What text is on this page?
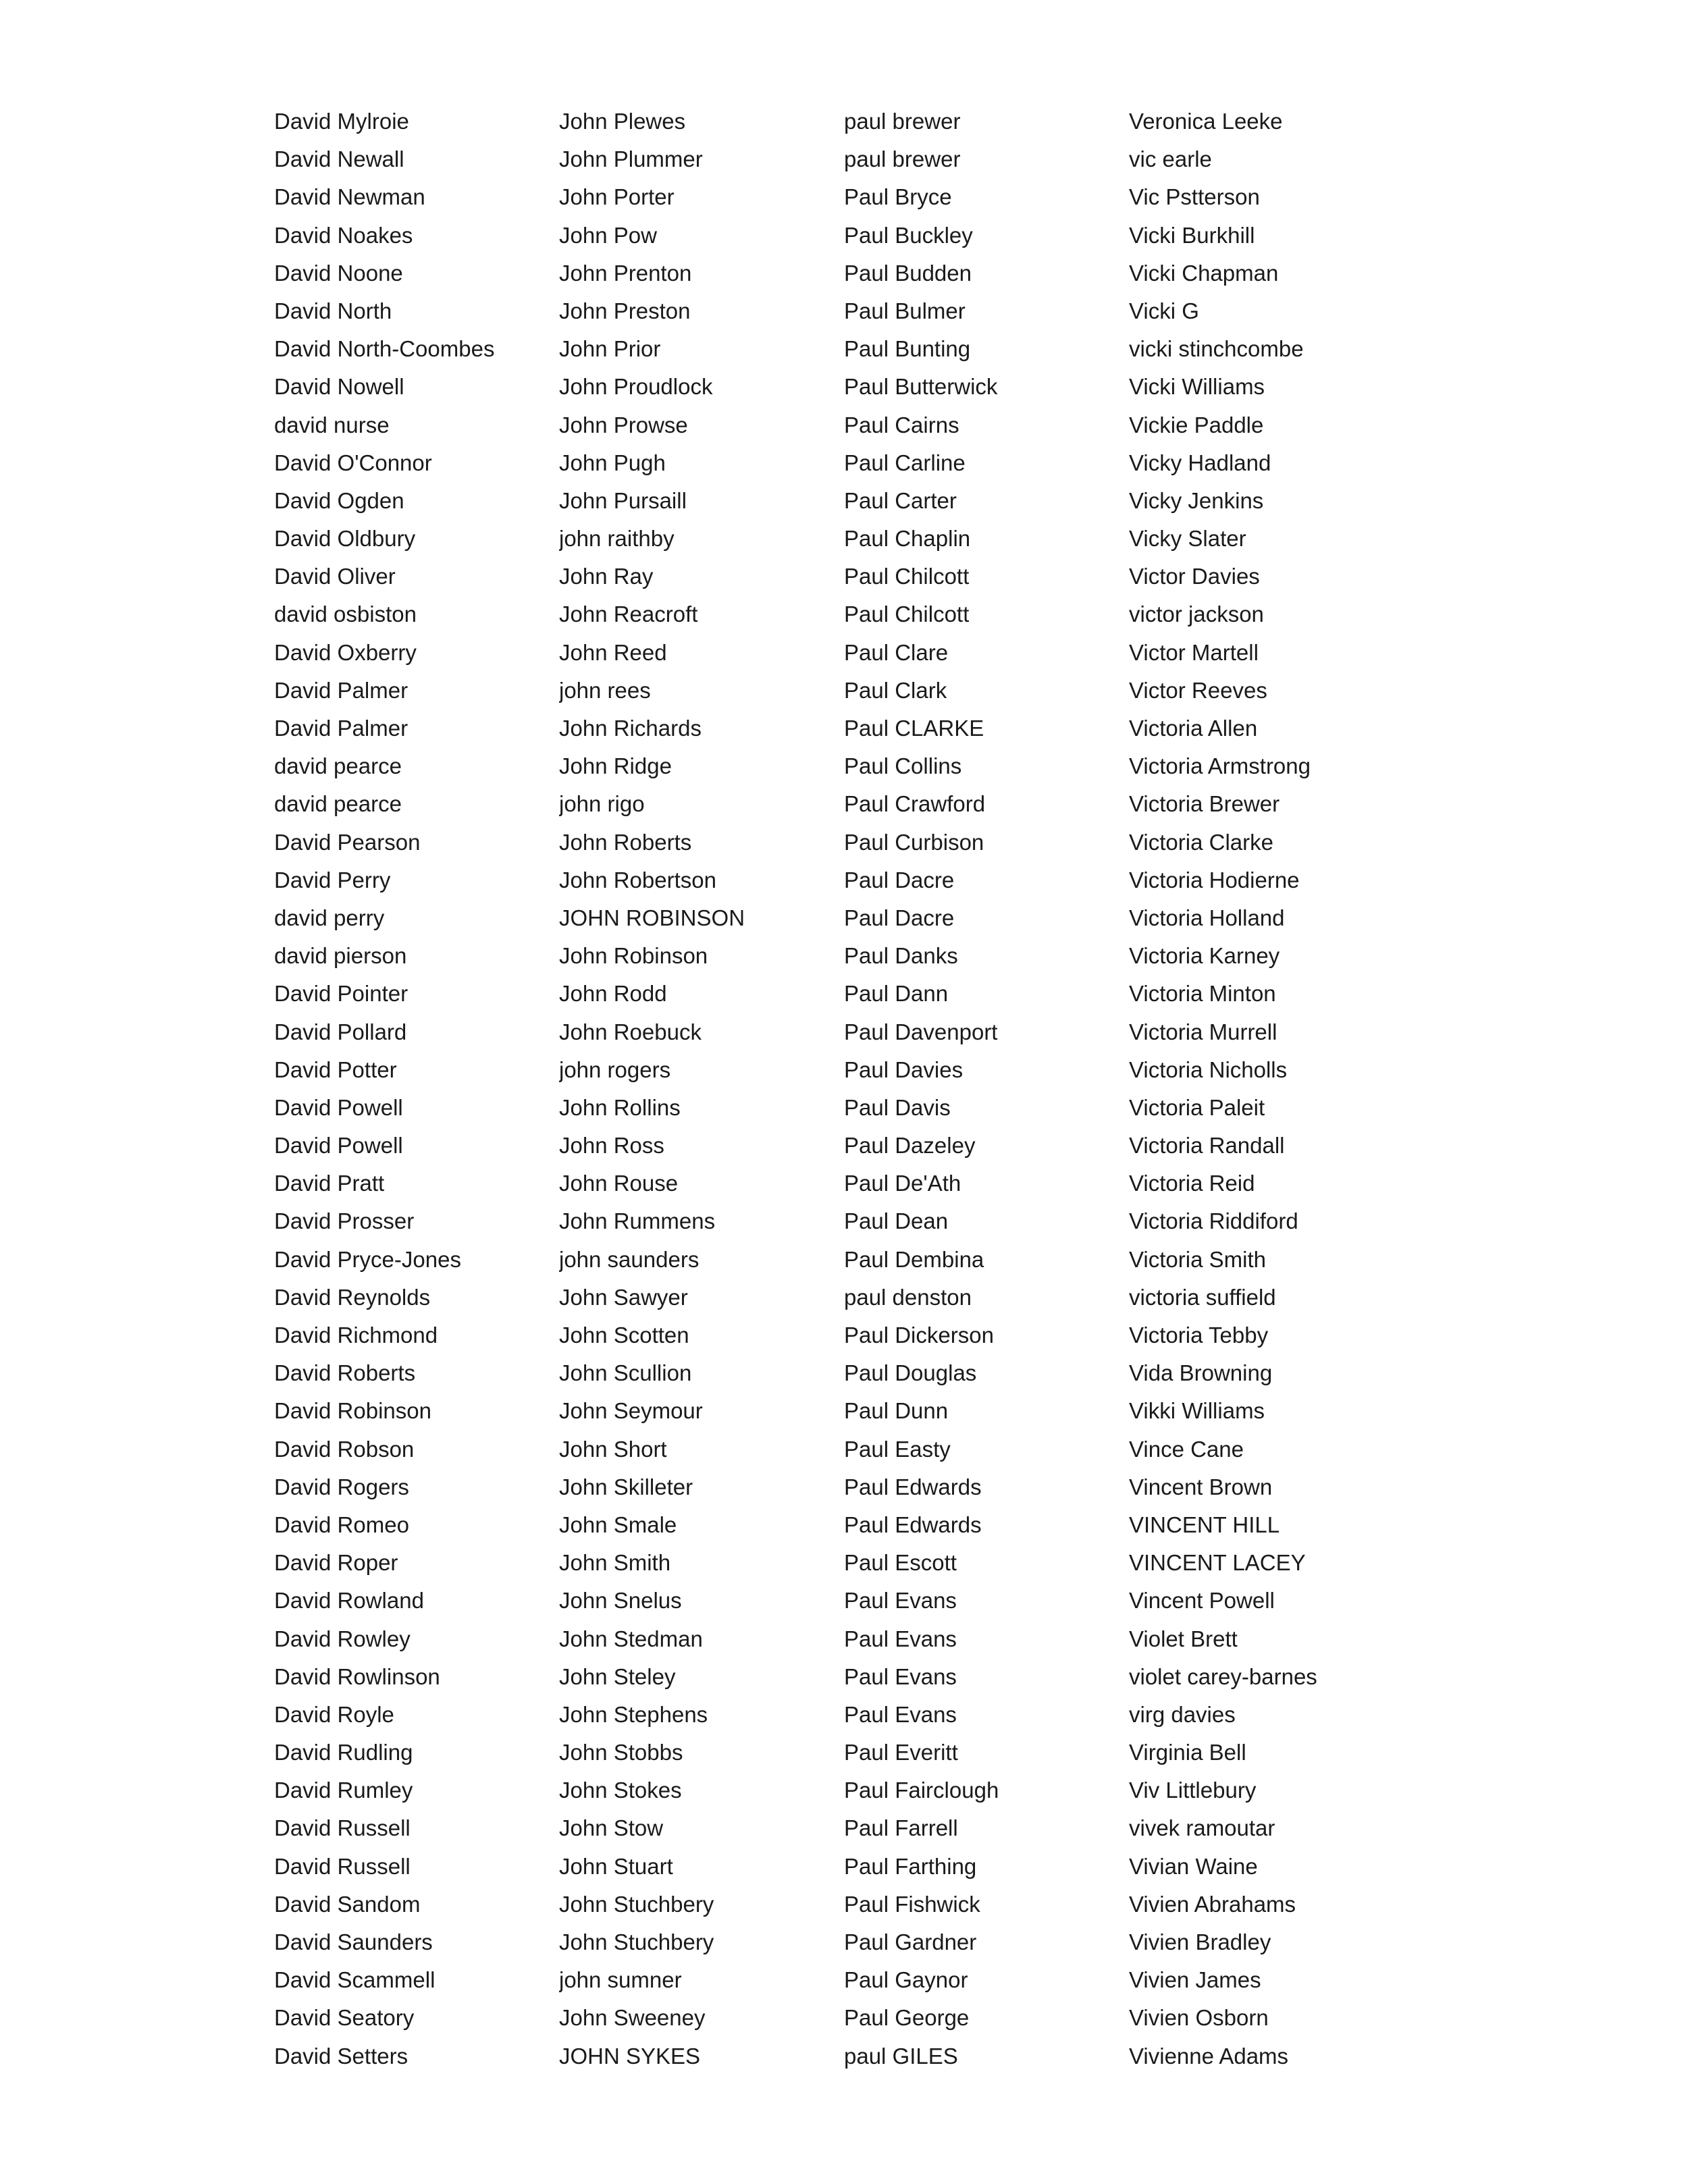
David Mylroie
David Newall
David Newman
David Noakes
David Noone
David North
David North-Coombes
David Nowell
david nurse
David O'Connor
David Ogden
David Oldbury
David Oliver
david osbiston
David Oxberry
David Palmer
David Palmer
david pearce
david pearce
David Pearson
David Perry
david perry
david pierson
David Pointer
David Pollard
David Potter
David Powell
David Powell
David Pratt
David Prosser
David Pryce-Jones
David Reynolds
David Richmond
David Roberts
David Robinson
David Robson
David Rogers
David Romeo
David Roper
David Rowland
David Rowley
David Rowlinson
David Royle
David Rudling
David Rumley
David Russell
David Russell
David Sandom
David Saunders
David Scammell
David Seatory
David Setters
John Plewes
John Plummer
John Porter
John Pow
John Prenton
John Preston
John Prior
John Proudlock
John Prowse
John Pugh
John Pursaill
john raithby
John Ray
John Reacroft
John Reed
john rees
John Richards
John Ridge
john rigo
John Roberts
John Robertson
JOHN ROBINSON
John Robinson
John Rodd
John Roebuck
john rogers
John Rollins
John Ross
John Rouse
John Rummens
john saunders
John Sawyer
John Scotten
John Scullion
John Seymour
John Short
John Skilleter
John Smale
John Smith
John Snelus
John Stedman
John Steley
John Stephens
John Stobbs
John Stokes
John Stow
John Stuart
John Stuchbery
John Stuchbery
john sumner
John Sweeney
JOHN SYKES
paul brewer
paul brewer
Paul Bryce
Paul Buckley
Paul Budden
Paul Bulmer
Paul Bunting
Paul Butterwick
Paul Cairns
Paul Carline
Paul Carter
Paul Chaplin
Paul Chilcott
Paul Chilcott
Paul Clare
Paul Clark
Paul CLARKE
Paul Collins
Paul Crawford
Paul Curbison
Paul Dacre
Paul Dacre
Paul Danks
Paul Dann
Paul Davenport
Paul Davies
Paul Davis
Paul Dazeley
Paul De'Ath
Paul Dean
Paul Dembina
paul denston
Paul Dickerson
Paul Douglas
Paul Dunn
Paul Easty
Paul Edwards
Paul Edwards
Paul Escott
Paul Evans
Paul Evans
Paul Evans
Paul Evans
Paul Everitt
Paul Fairclough
Paul Farrell
Paul Farthing
Paul Fishwick
Paul Gardner
Paul Gaynor
Paul George
paul GILES
Veronica Leeke
vic earle
Vic Pstterson
Vicki Burkhill
Vicki Chapman
Vicki G
vicki stinchcombe
Vicki Williams
Vickie Paddle
Vicky Hadland
Vicky Jenkins
Vicky Slater
Victor Davies
victor jackson
Victor Martell
Victor Reeves
Victoria Allen
Victoria Armstrong
Victoria Brewer
Victoria Clarke
Victoria Hodierne
Victoria Holland
Victoria Karney
Victoria Minton
Victoria Murrell
Victoria Nicholls
Victoria Paleit
Victoria Randall
Victoria Reid
Victoria Riddiford
Victoria Smith
victoria suffield
Victoria Tebby
Vida Browning
Vikki Williams
Vince Cane
Vincent Brown
VINCENT HILL
VINCENT LACEY
Vincent Powell
Violet Brett
violet carey-barnes
virg davies
Virginia Bell
Viv Littlebury
vivek ramoutar
Vivian Waine
Vivien Abrahams
Vivien Bradley
Vivien James
Vivien Osborn
Vivienne Adams
